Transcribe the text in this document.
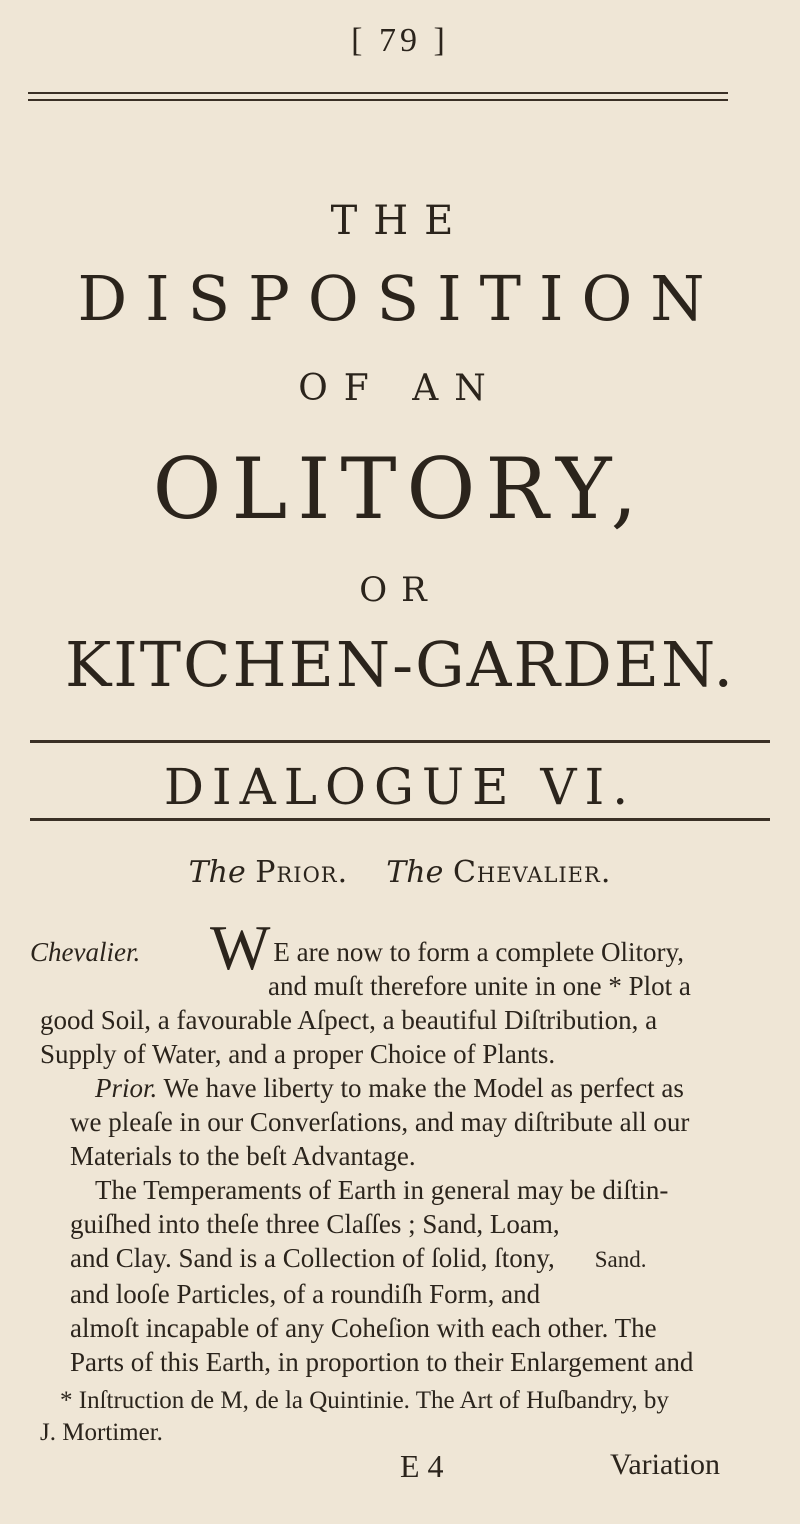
[ 79 ]
THE
DISPOSITION
OF AN
OLITORY,
OR
KITCHEN-GARDEN.
DIALOGUE VI.
The Prior. The Chevalier.
Chevalier. W E are now to form a complete Olitory,
and muſt therefore unite in one * Plot a
good Soil, a favourable Aſpect, a beautiful Diſtribution, a
Supply of Water, and a proper Choice of Plants.
Prior. We have liberty to make the Model as perfect as
we pleaſe in our Converſations, and may diſtribute all our
Materials to the beſt Advantage.
The Temperaments of Earth in general may be diſtin-
guiſhed into theſe three Claſſes ; Sand, Loam,
and Clay. Sand is a Collection of ſolid, ſtony, Sand.
and looſe Particles, of a roundiſh Form, and
almoſt incapable of any Coheſion with each other. The
Parts of this Earth, in proportion to their Enlargement and
* Inſtruction de M, de la Quintinie. The Art of Huſbandry, by
J. Mortimer.
E 4	Variation
